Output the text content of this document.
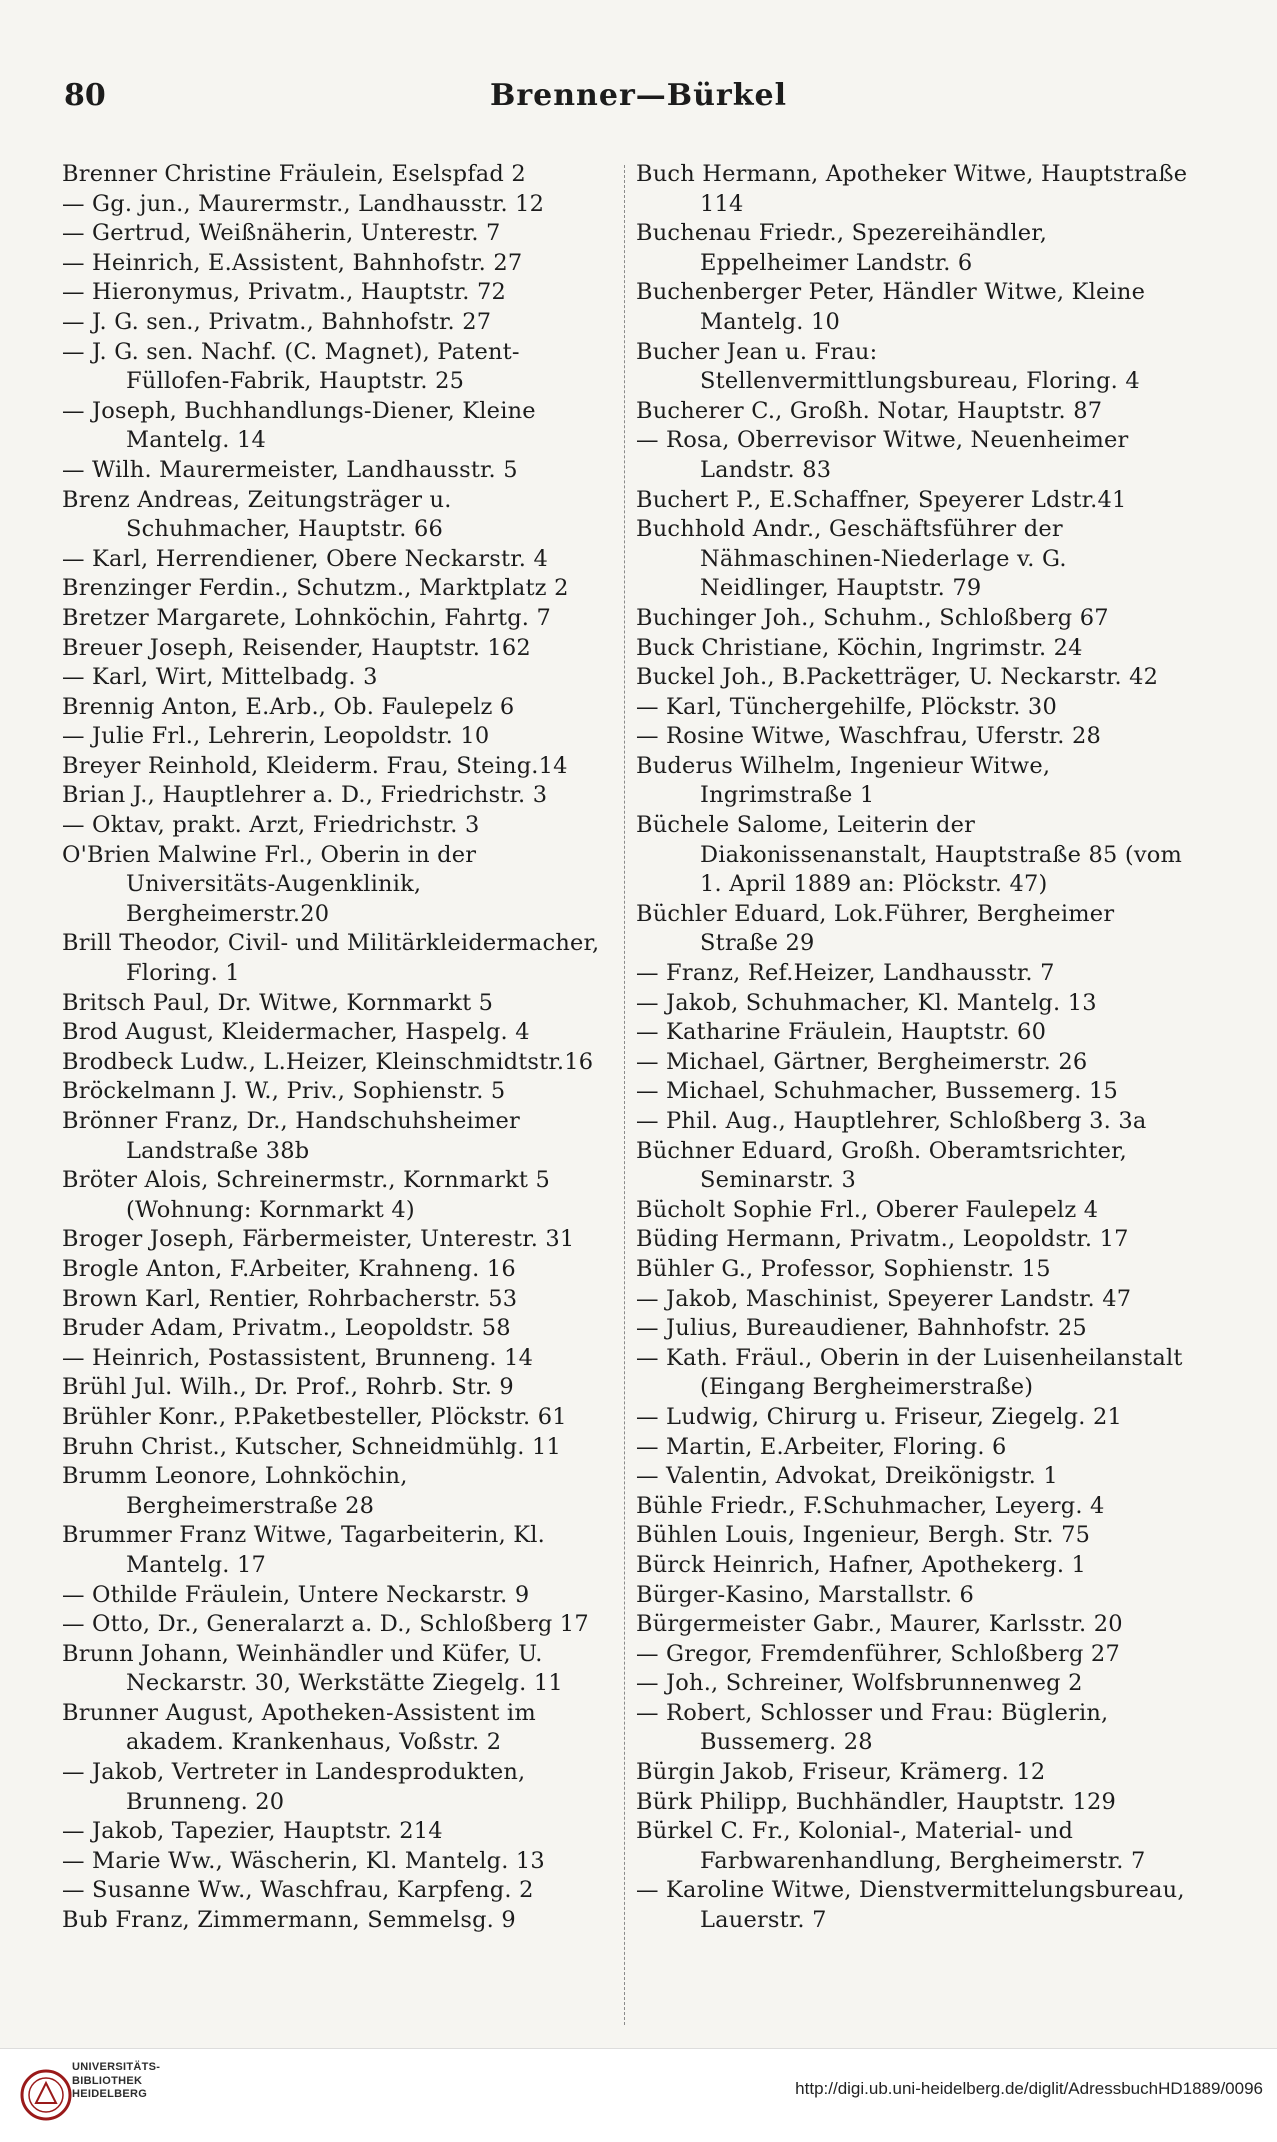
80	Brenner—Bürkel
Brenner Christine Fräulein, Eselspfad 2
— Gg. jun., Maurermstr., Landhausstr. 12
— Gertrud, Weißnäherin, Unterestr. 7
— Heinrich, E.Assistent, Bahnhofstr. 27
— Hieronymus, Privatm., Hauptstr. 72
— J. G. sen., Privatm., Bahnhofstr. 27
— J. G. sen. Nachf. (C. Magnet), Patent-Füllofen-Fabrik, Hauptstr. 25
— Joseph, Buchhandlungs-Diener, Kleine Mantelg. 14
— Wilh. Maurermeister, Landhausstr. 5
Brenz Andreas, Zeitungsträger u. Schuhmacher, Hauptstr. 66
— Karl, Herrendiener, Obere Neckarstr. 4
Brenzinger Ferdin., Schutzm., Marktplatz 2
Bretzer Margarete, Lohnköchin, Fahrtg. 7
Breuer Joseph, Reisender, Hauptstr. 162
— Karl, Wirt, Mittelbadg. 3
Brennig Anton, E.Arb., Ob. Faulepelz 6
— Julie Frl., Lehrerin, Leopoldstr. 10
Breyer Reinhold, Kleiderm. Frau, Steing.14
Brian J., Hauptlehrer a. D., Friedrichstr. 3
— Oktav, prakt. Arzt, Friedrichstr. 3
O'Brien Malwine Frl., Oberin in der Universitäts-Augenklinik, Bergheimerstr.20
Brill Theodor, Civil- und Militärkleidermacher, Floring. 1
Britsch Paul, Dr. Witwe, Kornmarkt 5
Brod August, Kleidermacher, Haspelg. 4
Brodbeck Ludw., L.Heizer, Kleinschmidtstr.16
Bröckelmann J. W., Priv., Sophienstr. 5
Brönner Franz, Dr., Handschuhsheimer Landstraße 38b
Bröter Alois, Schreinermstr., Kornmarkt 5 (Wohnung: Kornmarkt 4)
Broger Joseph, Färbermeister, Unterestr. 31
Brogle Anton, F.Arbeiter, Krahneng. 16
Brown Karl, Rentier, Rohrbacherstr. 53
Bruder Adam, Privatm., Leopoldstr. 58
— Heinrich, Postassistent, Brunneng. 14
Brühl Jul. Wilh., Dr. Prof., Rohrb. Str. 9
Brühler Konr., P.Paketbesteller, Plöckstr. 61
Bruhn Christ., Kutscher, Schneidmühlg. 11
Brumm Leonore, Lohnköchin, Bergheimerstraße 28
Brummer Franz Witwe, Tagarbeiterin, Kl. Mantelg. 17
— Othilde Fräulein, Untere Neckarstr. 9
— Otto, Dr., Generalarzt a. D., Schloßberg 17
Brunn Johann, Weinhändler und Küfer, U. Neckarstr. 30, Werkstätte Ziegelg. 11
Brunner August, Apotheken-Assistent im akadem. Krankenhaus, Voßstr. 2
— Jakob, Vertreter in Landesprodukten, Brunneng. 20
— Jakob, Tapezier, Hauptstr. 214
— Marie Ww., Wäscherin, Kl. Mantelg. 13
— Susanne Ww., Waschfrau, Karpfeng. 2
Bub Franz, Zimmermann, Semmelsg. 9
Buch Hermann, Apotheker Witwe, Hauptstraße 114
Buchenau Friedr., Spezereihändler, Eppelheimer Landstr. 6
Buchenberger Peter, Händler Witwe, Kleine Mantelg. 10
Bucher Jean u. Frau: Stellenvermittlungsbureau, Floring. 4
Bucherer C., Großh. Notar, Hauptstr. 87
— Rosa, Oberrevisor Witwe, Neuenheimer Landstr. 83
Buchert P., E.Schaffner, Speyerer Ldstr.41
Buchhold Andr., Geschäftsführer der Nähmaschinen-Niederlage v. G. Neidlinger, Hauptstr. 79
Buchinger Joh., Schuhm., Schloßberg 67
Buck Christiane, Köchin, Ingrimstr. 24
Buckel Joh., B.Packetträger, U. Neckarstr. 42
— Karl, Tünchergehilfe, Plöckstr. 30
— Rosine Witwe, Waschfrau, Uferstr. 28
Buderus Wilhelm, Ingenieur Witwe, Ingrimstraße 1
Büchele Salome, Leiterin der Diakonissenanstalt, Hauptstraße 85 (vom 1. April 1889 an: Plöckstr. 47)
Büchler Eduard, Lok.Führer, Bergheimer Straße 29
— Franz, Ref.Heizer, Landhausstr. 7
— Jakob, Schuhmacher, Kl. Mantelg. 13
— Katharine Fräulein, Hauptstr. 60
— Michael, Gärtner, Bergheimerstr. 26
— Michael, Schuhmacher, Bussemerg. 15
— Phil. Aug., Hauptlehrer, Schloßberg 3. 3a
Büchner Eduard, Großh. Oberamtsrichter, Seminarstr. 3
Bücholt Sophie Frl., Oberer Faulepelz 4
Büding Hermann, Privatm., Leopoldstr. 17
Bühler G., Professor, Sophienstr. 15
— Jakob, Maschinist, Speyerer Landstr. 47
— Julius, Bureaudiener, Bahnhofstr. 25
— Kath. Fräul., Oberin in der Luisenheilanstalt (Eingang Bergheimerstraße)
— Ludwig, Chirurg u. Friseur, Ziegelg. 21
— Martin, E.Arbeiter, Floring. 6
— Valentin, Advokat, Dreikönigstr. 1
Bühle Friedr., F.Schuhmacher, Leyerg. 4
Bühlen Louis, Ingenieur, Bergh. Str. 75
Bürck Heinrich, Hafner, Apothekerg. 1
Bürger-Kasino, Marstallstr. 6
Bürgermeister Gabr., Maurer, Karlsstr. 20
— Gregor, Fremdenführer, Schloßberg 27
— Joh., Schreiner, Wolfsbrunnenweg 2
— Robert, Schlosser und Frau: Büglerin, Bussemerg. 28
Bürgin Jakob, Friseur, Krämerg. 12
Bürk Philipp, Buchhändler, Hauptstr. 129
Bürkel C. Fr., Kolonial-, Material- und Farbwarenhandlung, Bergheimerstr. 7
— Karoline Witwe, Dienstvermittelungsbureau, Lauerstr. 7
UNIVERSITÄTS-
BIBLIOTHEK
HEIDELBERG	http://digi.ub.uni-heidelberg.de/diglit/AdressbuchHD1889/0096
